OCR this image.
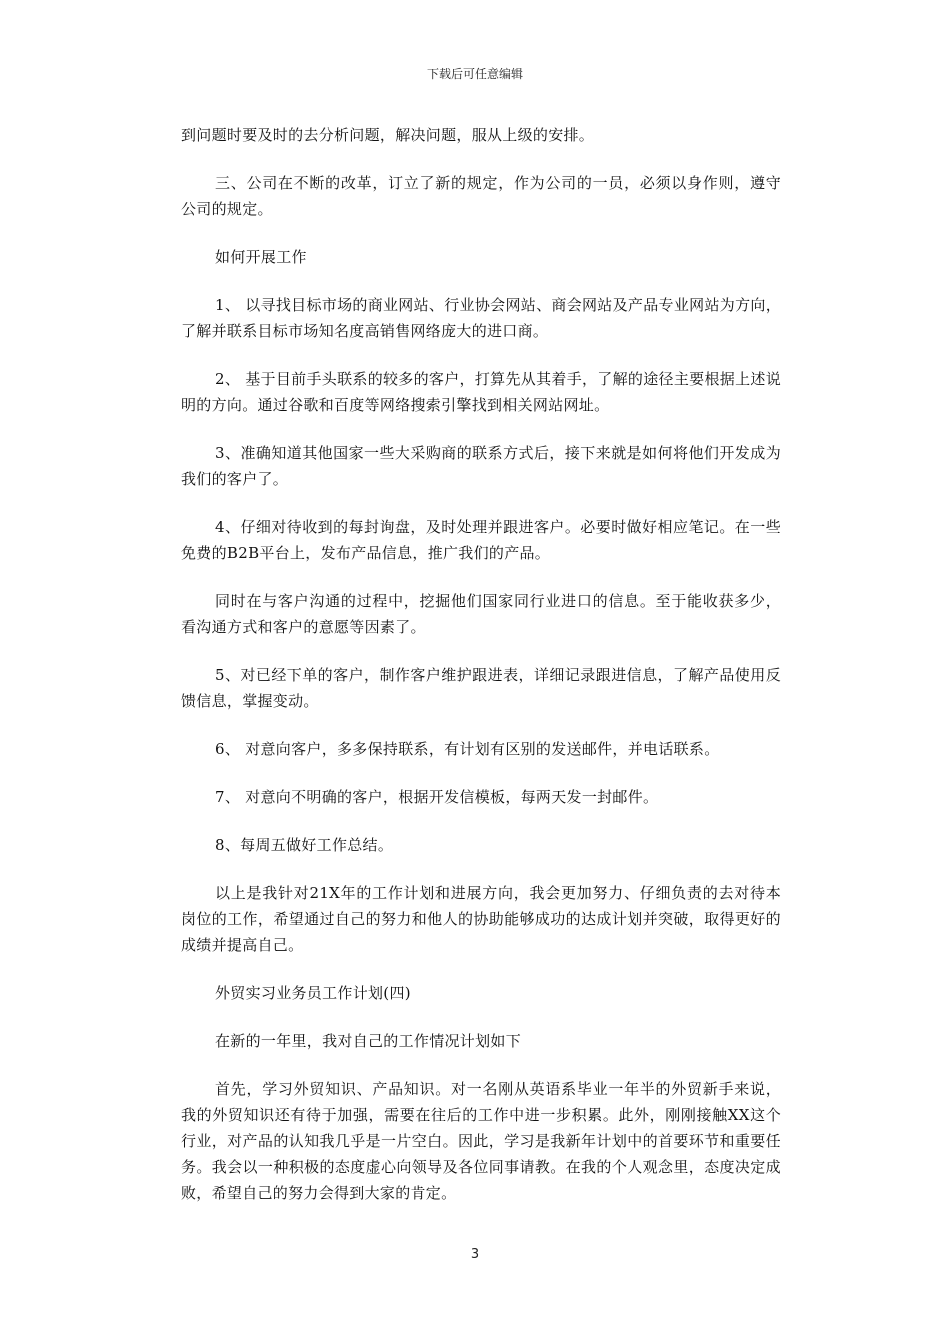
下载后可任意编辑

到问题时要及时的去分析问题，解决问题，服从上级的安排。

三、公司在不断的改革，订立了新的规定，作为公司的一员，必须以身作则，遵守公司的规定。

如何开展工作

1、 以寻找目标市场的商业网站、行业协会网站、商会网站及产品专业网站为方向，了解并联系目标市场知名度高销售网络庞大的进口商。

2、 基于目前手头联系的较多的客户，打算先从其着手，了解的途径主要根据上述说明的方向。通过谷歌和百度等网络搜索引擎找到相关网站网址。

3、准确知道其他国家一些大采购商的联系方式后，接下来就是如何将他们开发成为我们的客户了。

4、仔细对待收到的每封询盘，及时处理并跟进客户。必要时做好相应笔记。在一些免费的B2B平台上，发布产品信息，推广我们的产品。

同时在与客户沟通的过程中，挖掘他们国家同行业进口的信息。至于能收获多少，看沟通方式和客户的意愿等因素了。

5、对已经下单的客户，制作客户维护跟进表，详细记录跟进信息，了解产品使用反馈信息，掌握变动。

6、 对意向客户，多多保持联系，有计划有区别的发送邮件，并电话联系。

7、 对意向不明确的客户，根据开发信模板，每两天发一封邮件。

8、每周五做好工作总结。

以上是我针对21X年的工作计划和进展方向，我会更加努力、仔细负责的去对待本岗位的工作，希望通过自己的努力和他人的协助能够成功的达成计划并突破，取得更好的成绩并提高自己。

外贸实习业务员工作计划(四)

在新的一年里，我对自己的工作情况计划如下

首先，学习外贸知识、产品知识。对一名刚从英语系毕业一年半的外贸新手来说，我的外贸知识还有待于加强，需要在往后的工作中进一步积累。此外，刚刚接触XX这个行业，对产品的认知我几乎是一片空白。因此，学习是我新年计划中的首要环节和重要任务。我会以一种积极的态度虚心向领导及各位同事请教。在我的个人观念里，态度决定成败，希望自己的努力会得到大家的肯定。

3
